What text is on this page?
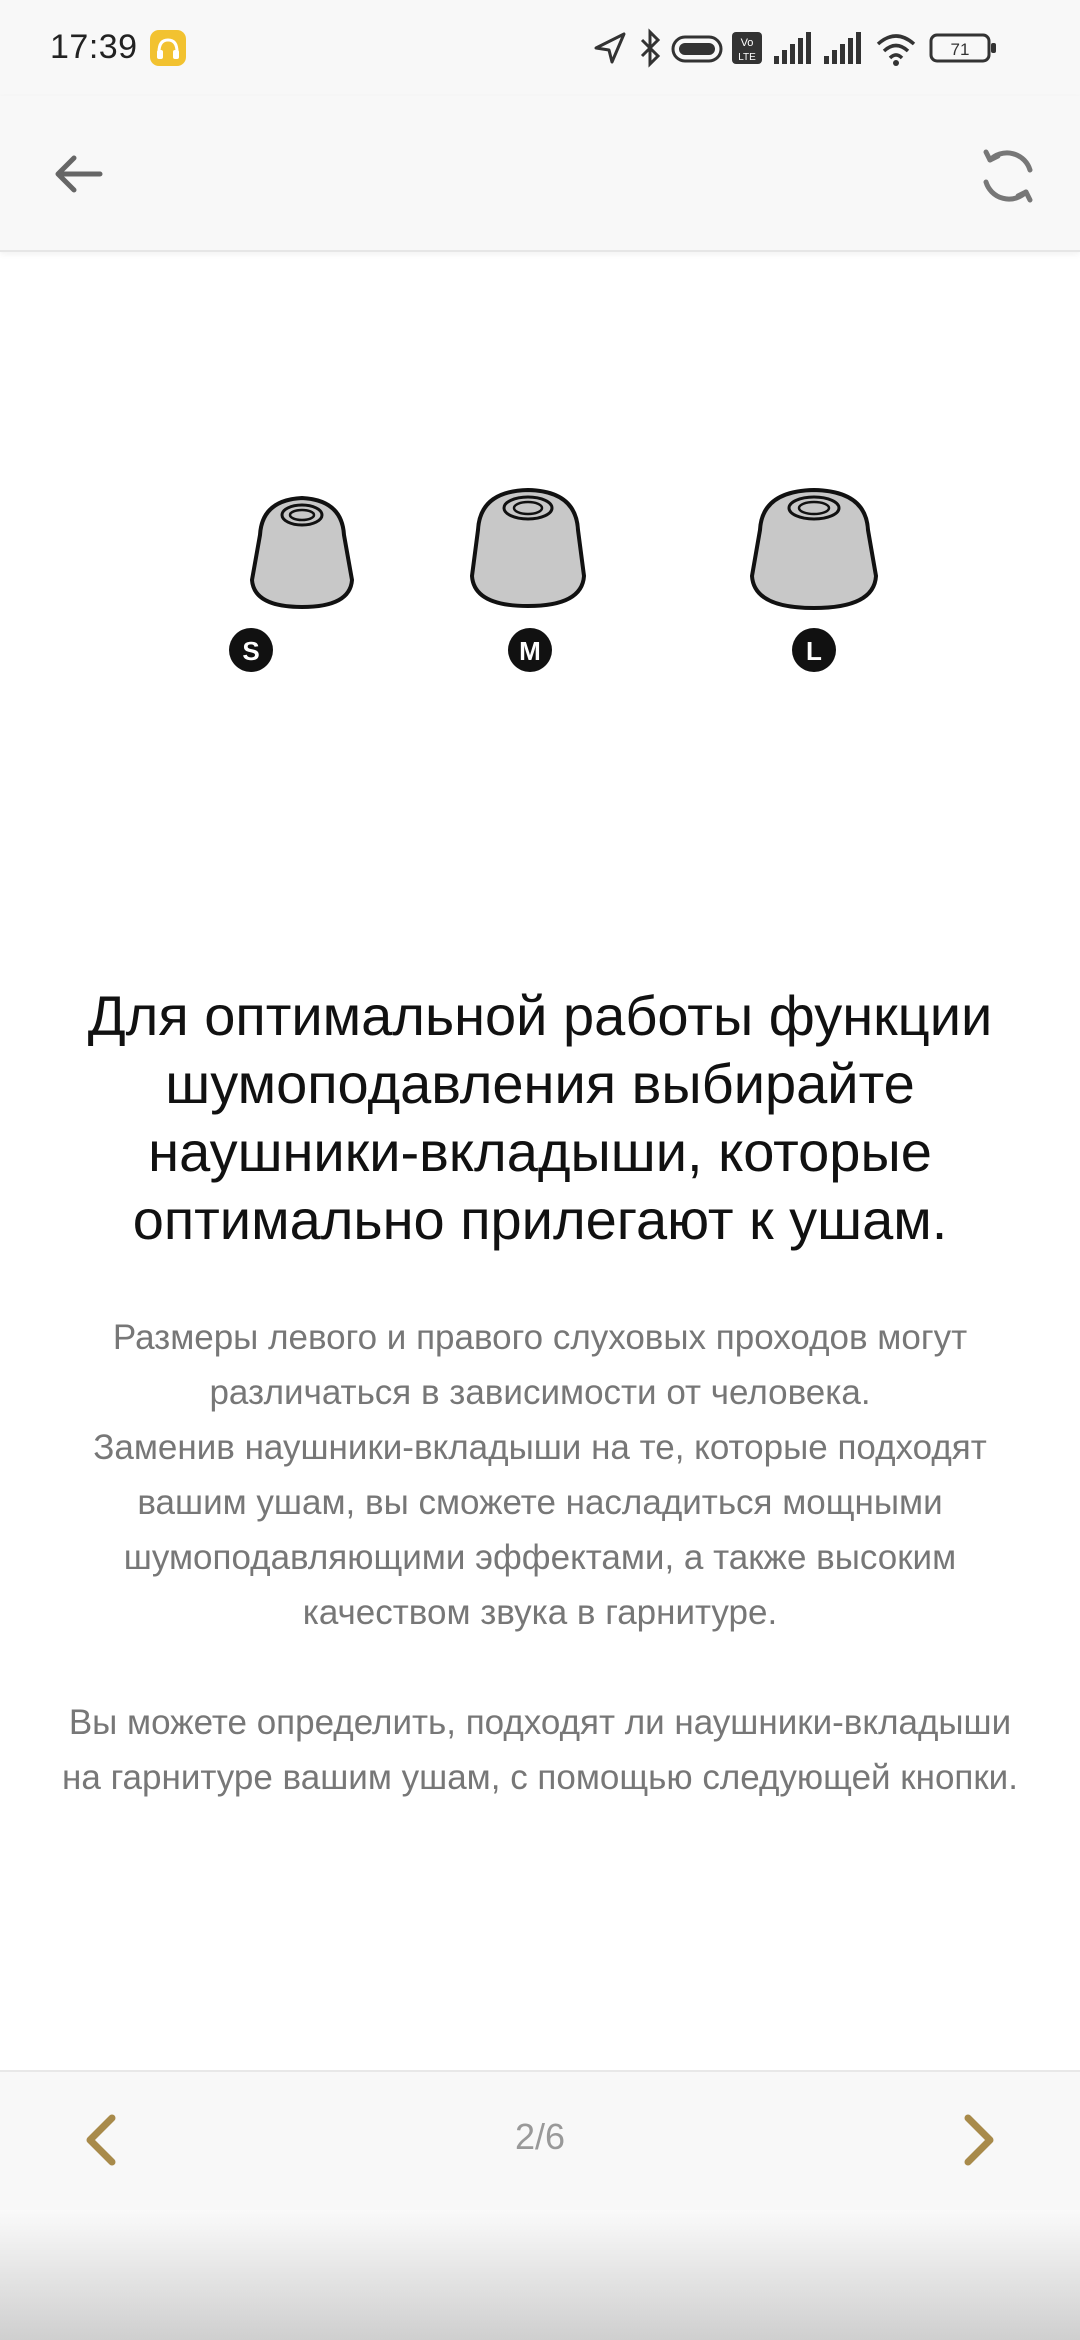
17:39	Vo
LTE	71
S	M	L
Для оптимальной работы функции шумоподавления выбирайте наушники-вкладыши, которые оптимально прилегают к ушам.

Размеры левого и правого слуховых проходов могут различаться в зависимости от человека.
Заменив наушники-вкладыши на те, которые подходят вашим ушам, вы сможете насладиться мощными шумоподавляющими эффектами, а также высоким качеством звука в гарнитуре.

Вы можете определить, подходят ли наушники-вкладыши на гарнитуре вашим ушам, с помощью следующей кнопки.

2/6
